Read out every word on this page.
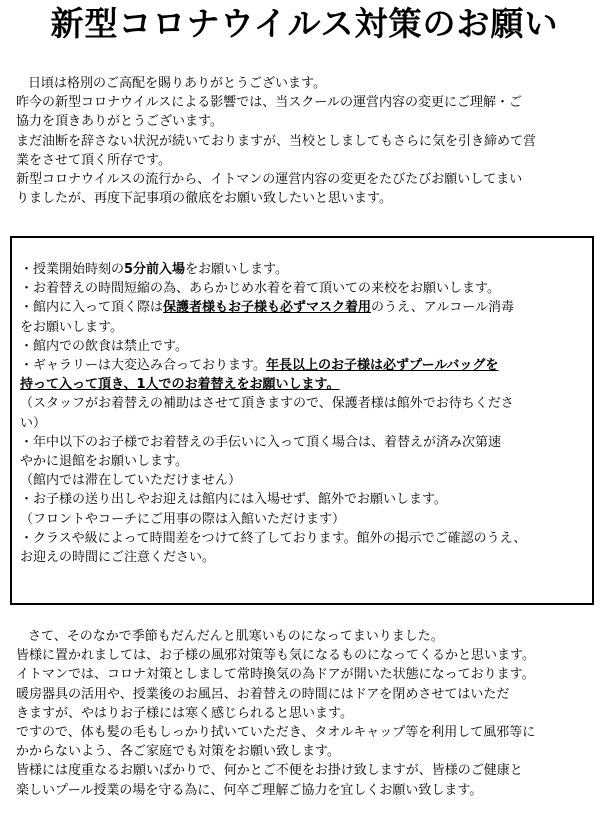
新型コロナウイルス対策のお願い

日頃は格別のご高配を賜りありがとうございます。

昨今の新型コロナウイルスによる影響では、当スクールの運営内容の変更にご理解・ご

協力を頂きありがとうございます。

まだ油断を辞さない状況が続いておりますが、当校としましてもさらに気を引き締めて営

業をさせて頂く所存です。

新型コロナウイルスの流行から、イトマンの運営内容の変更をたびたびお願いしてまい

りましたが、再度下記事項の徹底をお願い致したいと思います。

・授業開始時刻の5分前入場をお願いします。

・お着替えの時間短縮の為、あらかじめ水着を着て頂いての来校をお願いします。

・館内に入って頂く際は保護者様もお子様も必ずマスク着用のうえ、アルコール消毒

をお願いします。

・館内での飲食は禁止です。

・ギャラリーは大変込み合っております。年長以上のお子様は必ずプールバッグを

持って入って頂き、1人でのお着替えをお願いします。

（スタッフがお着替えの補助はさせて頂きますので、保護者様は館外でお待ちくださ

い）

・年中以下のお子様でお着替えの手伝いに入って頂く場合は、着替えが済み次第速

やかに退館をお願いします。

（館内では滞在していただけません）

・お子様の送り出しやお迎えは館内には入場せず、館外でお願いします。

（フロントやコーチにご用事の際は入館いただけます）

・クラスや級によって時間差をつけて終了しております。館外の掲示でご確認のうえ、

お迎えの時間にご注意ください。

さて、そのなかで季節もだんだんと肌寒いものになってまいりました。

皆様に置かれましては、お子様の風邪対策等も気になるものになってくるかと思います。

イトマンでは、コロナ対策としまして常時換気の為ドアが開いた状態になっております。

暖房器具の活用や、授業後のお風呂、お着替えの時間にはドアを閉めさせてはいただ

きますが、やはりお子様には寒く感じられると思います。

ですので、体も髪の毛もしっかり拭いていただき、タオルキャップ等を利用して風邪等に

かからないよう、各ご家庭でも対策をお願い致します。

皆様には度重なるお願いばかりで、何かとご不便をお掛け致しますが、皆様のご健康と

楽しいプール授業の場を守る為に、何卒ご理解ご協力を宜しくお願い致します。
